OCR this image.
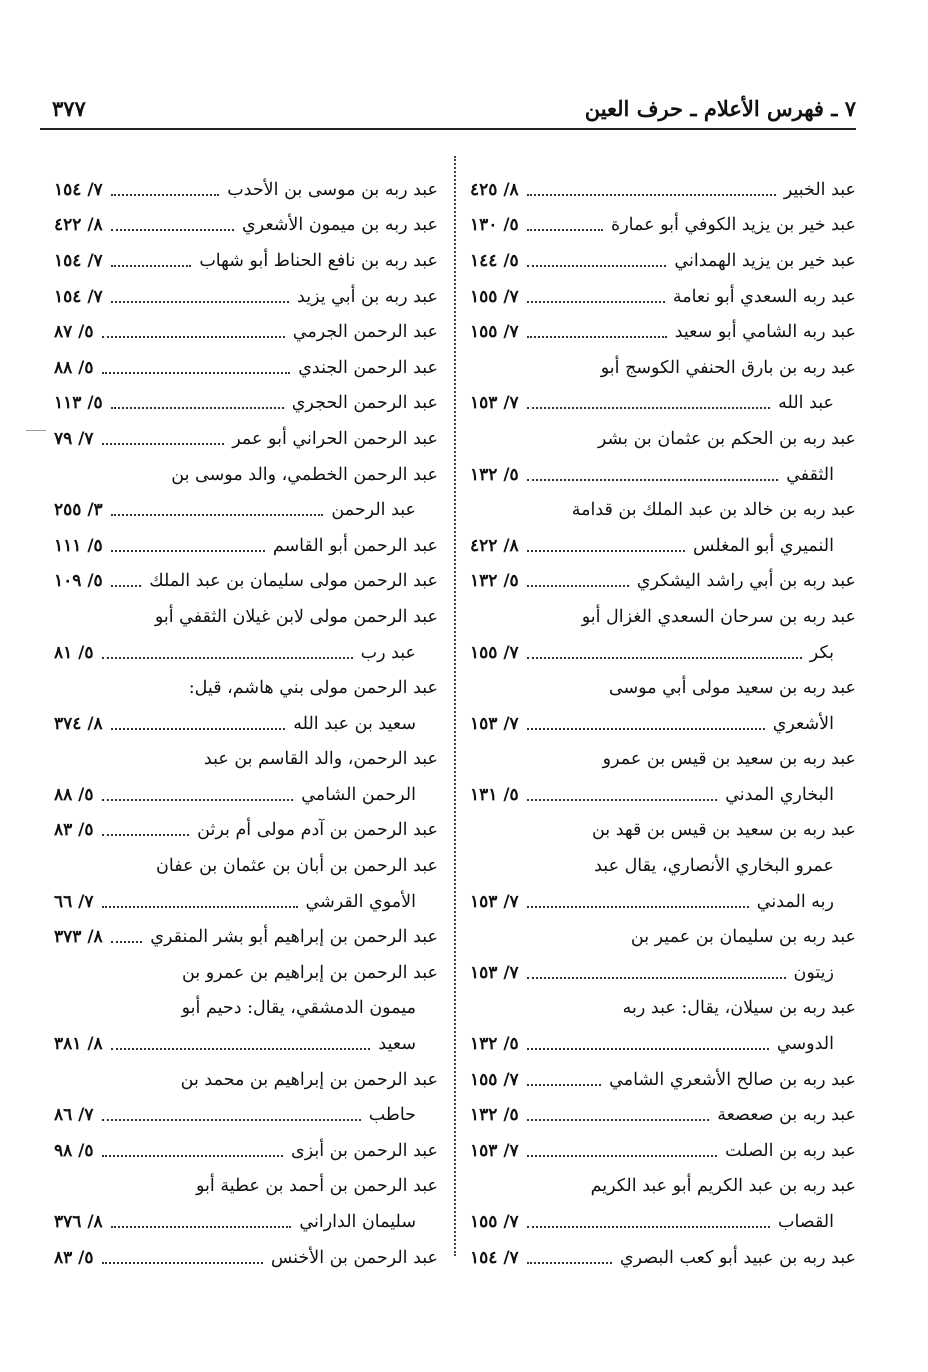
٧ ـ فهرس الأعلام ـ حرف العين
٣٧٧
عبد الخبير
٨/ ٤٢٥
عبد خير بن يزيد الكوفي أبو عمارة
٥/ ١٣٠
عبد خير بن يزيد الهمداني
٥/ ١٤٤
عبد ربه السعدي أبو نعامة
٧/ ١٥٥
عبد ربه الشامي أبو سعيد
٧/ ١٥٥
عبد ربه بن بارق الحنفي الكوسج أبو
عبد الله
٧/ ١٥٣
عبد ربه بن الحكم بن عثمان بن بشر
الثقفي
٥/ ١٣٢
عبد ربه بن خالد بن عبد الملك بن قدامة
النميري أبو المغلس
٨/ ٤٢٢
عبد ربه بن أبي راشد اليشكري
٥/ ١٣٢
عبد ربه بن سرحان السعدي الغزال أبو
بكر
٧/ ١٥٥
عبد ربه بن سعيد مولى أبي موسى
الأشعري
٧/ ١٥٣
عبد ربه بن سعيد بن قيس بن عمرو
البخاري المدني
٥/ ١٣١
عبد ربه بن سعيد بن قيس بن قهد بن
عمرو البخاري الأنصاري، يقال عبد
ربه المدني
٧/ ١٥٣
عبد ربه بن سليمان بن عمير بن
زيتون
٧/ ١٥٣
عبد ربه بن سيلان، يقال: عبد ربه
الدوسي
٥/ ١٣٢
عبد ربه بن صالح الأشعري الشامي
٧/ ١٥٥
عبد ربه بن صعصعة
٥/ ١٣٢
عبد ربه بن الصلت
٧/ ١٥٣
عبد ربه بن عبد الكريم أبو عبد الكريم
القصاب
٧/ ١٥٥
عبد ربه بن عبيد أبو كعب البصري
٧/ ١٥٤
عبد ربه بن موسى بن الأحدب
٧/ ١٥٤
عبد ربه بن ميمون الأشعري
٨/ ٤٢٢
عبد ربه بن نافع الحناط أبو شهاب
٧/ ١٥٤
عبد ربه بن أبي يزيد
٧/ ١٥٤
عبد الرحمن الجرمي
٥/ ٨٧
عبد الرحمن الجندي
٥/ ٨٨
عبد الرحمن الحجري
٥/ ١١٣
عبد الرحمن الحراني أبو عمر
٧/ ٧٩
عبد الرحمن الخطمي، والد موسى بن
عبد الرحمن
٣/ ٢٥٥
عبد الرحمن أبو القاسم
٥/ ١١١
عبد الرحمن مولى سليمان بن عبد الملك
٥/ ١٠٩
عبد الرحمن مولى لابن غيلان الثقفي أبو
عبد رب
٥/ ٨١
عبد الرحمن مولى بني هاشم، قيل:
سعيد بن عبد الله
٨/ ٣٧٤
عبد الرحمن، والد القاسم بن عبد
الرحمن الشامي
٥/ ٨٨
عبد الرحمن بن آدم مولى أم برثن
٥/ ٨٣
عبد الرحمن بن أبان بن عثمان بن عفان
الأموي القرشي
٧/ ٦٦
عبد الرحمن بن إبراهيم أبو بشر المنقري
٨/ ٣٧٣
عبد الرحمن بن إبراهيم بن عمرو بن
ميمون الدمشقي، يقال: دحيم أبو
سعيد
٨/ ٣٨١
عبد الرحمن بن إبراهيم بن محمد بن
حاطب
٧/ ٨٦
عبد الرحمن بن أبزى
٥/ ٩٨
عبد الرحمن بن أحمد بن عطية أبو
سليمان الداراني
٨/ ٣٧٦
عبد الرحمن بن الأخنس
٥/ ٨٣
